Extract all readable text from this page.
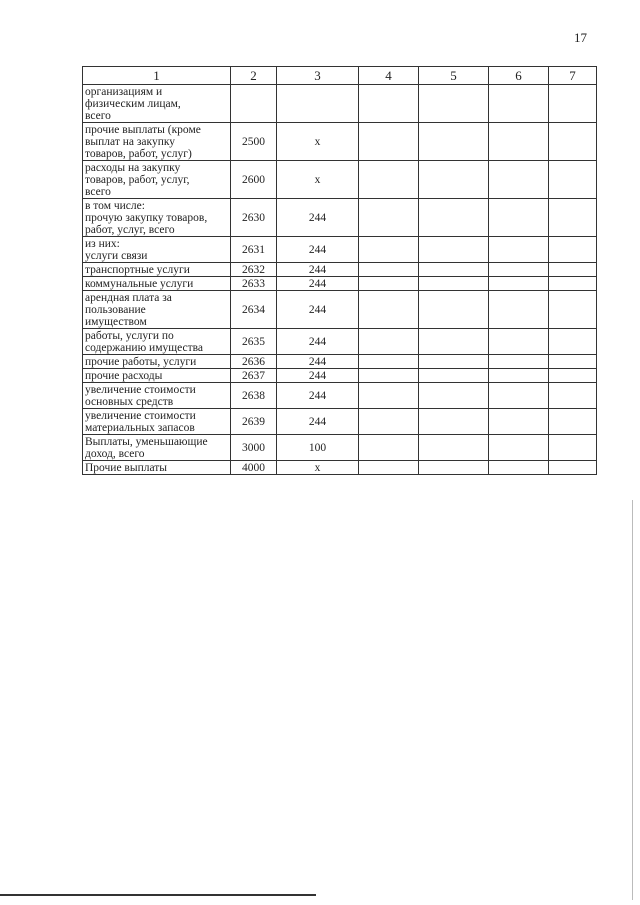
17
1	2	3	4	5	6	7

организациям и
физическим лицам,
всего						

прочие выплаты (кроме
выплат на закупку
товаров, работ, услуг)	2500	x				

расходы на закупку
товаров, работ, услуг,
всего	2600	x				

в том числе:
прочую закупку товаров,
работ, услуг, всего	2630	244				

из них:
услуги связи	2631	244				

транспортные услуги	2632	244				

коммунальные услуги	2633	244				

арендная плата за
пользование
имуществом	2634	244				

работы, услуги по
содержанию имущества	2635	244				

прочие работы, услуги	2636	244				

прочие расходы	2637	244				

увеличение стоимости
основных средств	2638	244				

увеличение стоимости
материальных запасов	2639	244				

Выплаты, уменьшающие
доход, всего	3000	100				

Прочие выплаты	4000	x				
